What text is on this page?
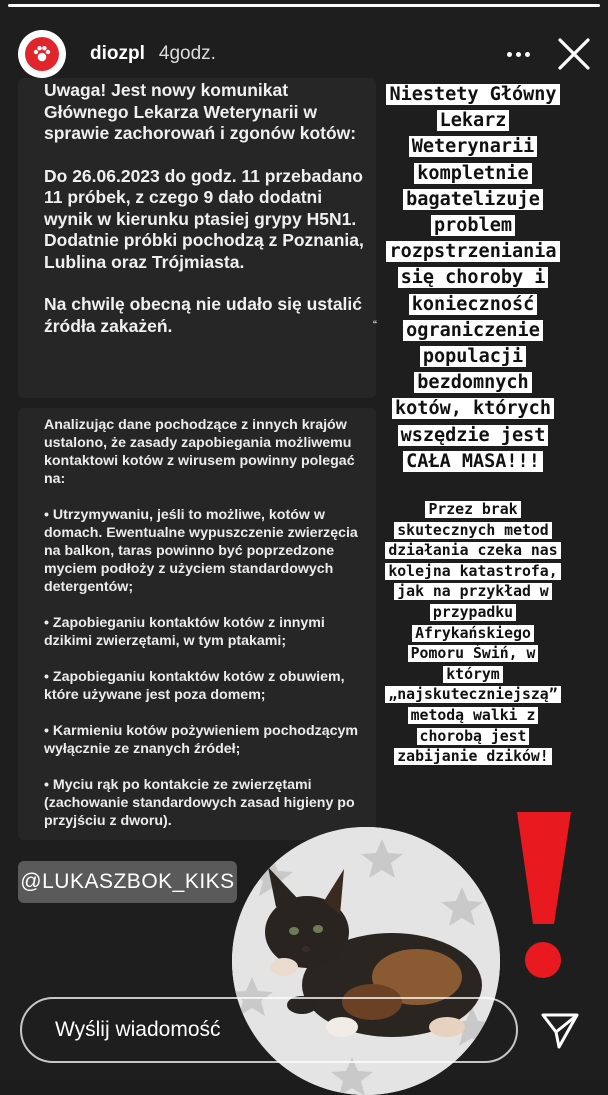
diozpl 4godz.

Uwaga! Jest nowy komunikat Głównego Lekarza Weterynarii w sprawie zachorowań i zgonów kotów:

Do 26.06.2023 do godz. 11 przebadano 11 próbek, z czego 9 dało dodatni wynik w kierunku ptasiej grypy H5N1. Dodatnie próbki pochodzą z Poznania, Lublina oraz Trójmiasta.

Na chwilę obecną nie udało się ustalić źródła zakażeń.

Analizując dane pochodzące z innych krajów ustalono, że zasady zapobiegania możliwemu kontaktowi kotów z wirusem powinny polegać na:

• Utrzymywaniu, jeśli to możliwe, kotów w domach. Ewentualne wypuszczenie zwierzęcia na balkon, taras powinno być poprzedzone myciem podłoży z użyciem standardowych detergentów;

• Zapobieganiu kontaktów kotów z innymi dzikimi zwierzętami, w tym ptakami;

• Zapobieganiu kontaktów kotów z obuwiem, które używane jest poza domem;

• Karmieniu kotów pożywieniem pochodzącym wyłącznie ze znanych źródeł;

• Myciu rąk po kontakcie ze zwierzętami (zachowanie standardowych zasad higieny po przyjściu z dworu).

Niestety Główny
Lekarz
Weterynarii
kompletnie
bagatelizuje
problem
rozpstrzeniania
się choroby i
konieczność
ograniczenie
populacji
bezdomnych
kotów, których
wszędzie jest
CAŁA MASA!!!
“
Przez brak
skutecznych metod
działania czeka nas
kolejna katastrofa,
jak na przykład w
przypadku
Afrykańskiego
Pomoru Świń, w
którym
„najskuteczniejszą”
metodą walki z
chorobą jest
zabijanie dzików!
@LUKASZBOK_KIKS
Wyślij wiadomość
